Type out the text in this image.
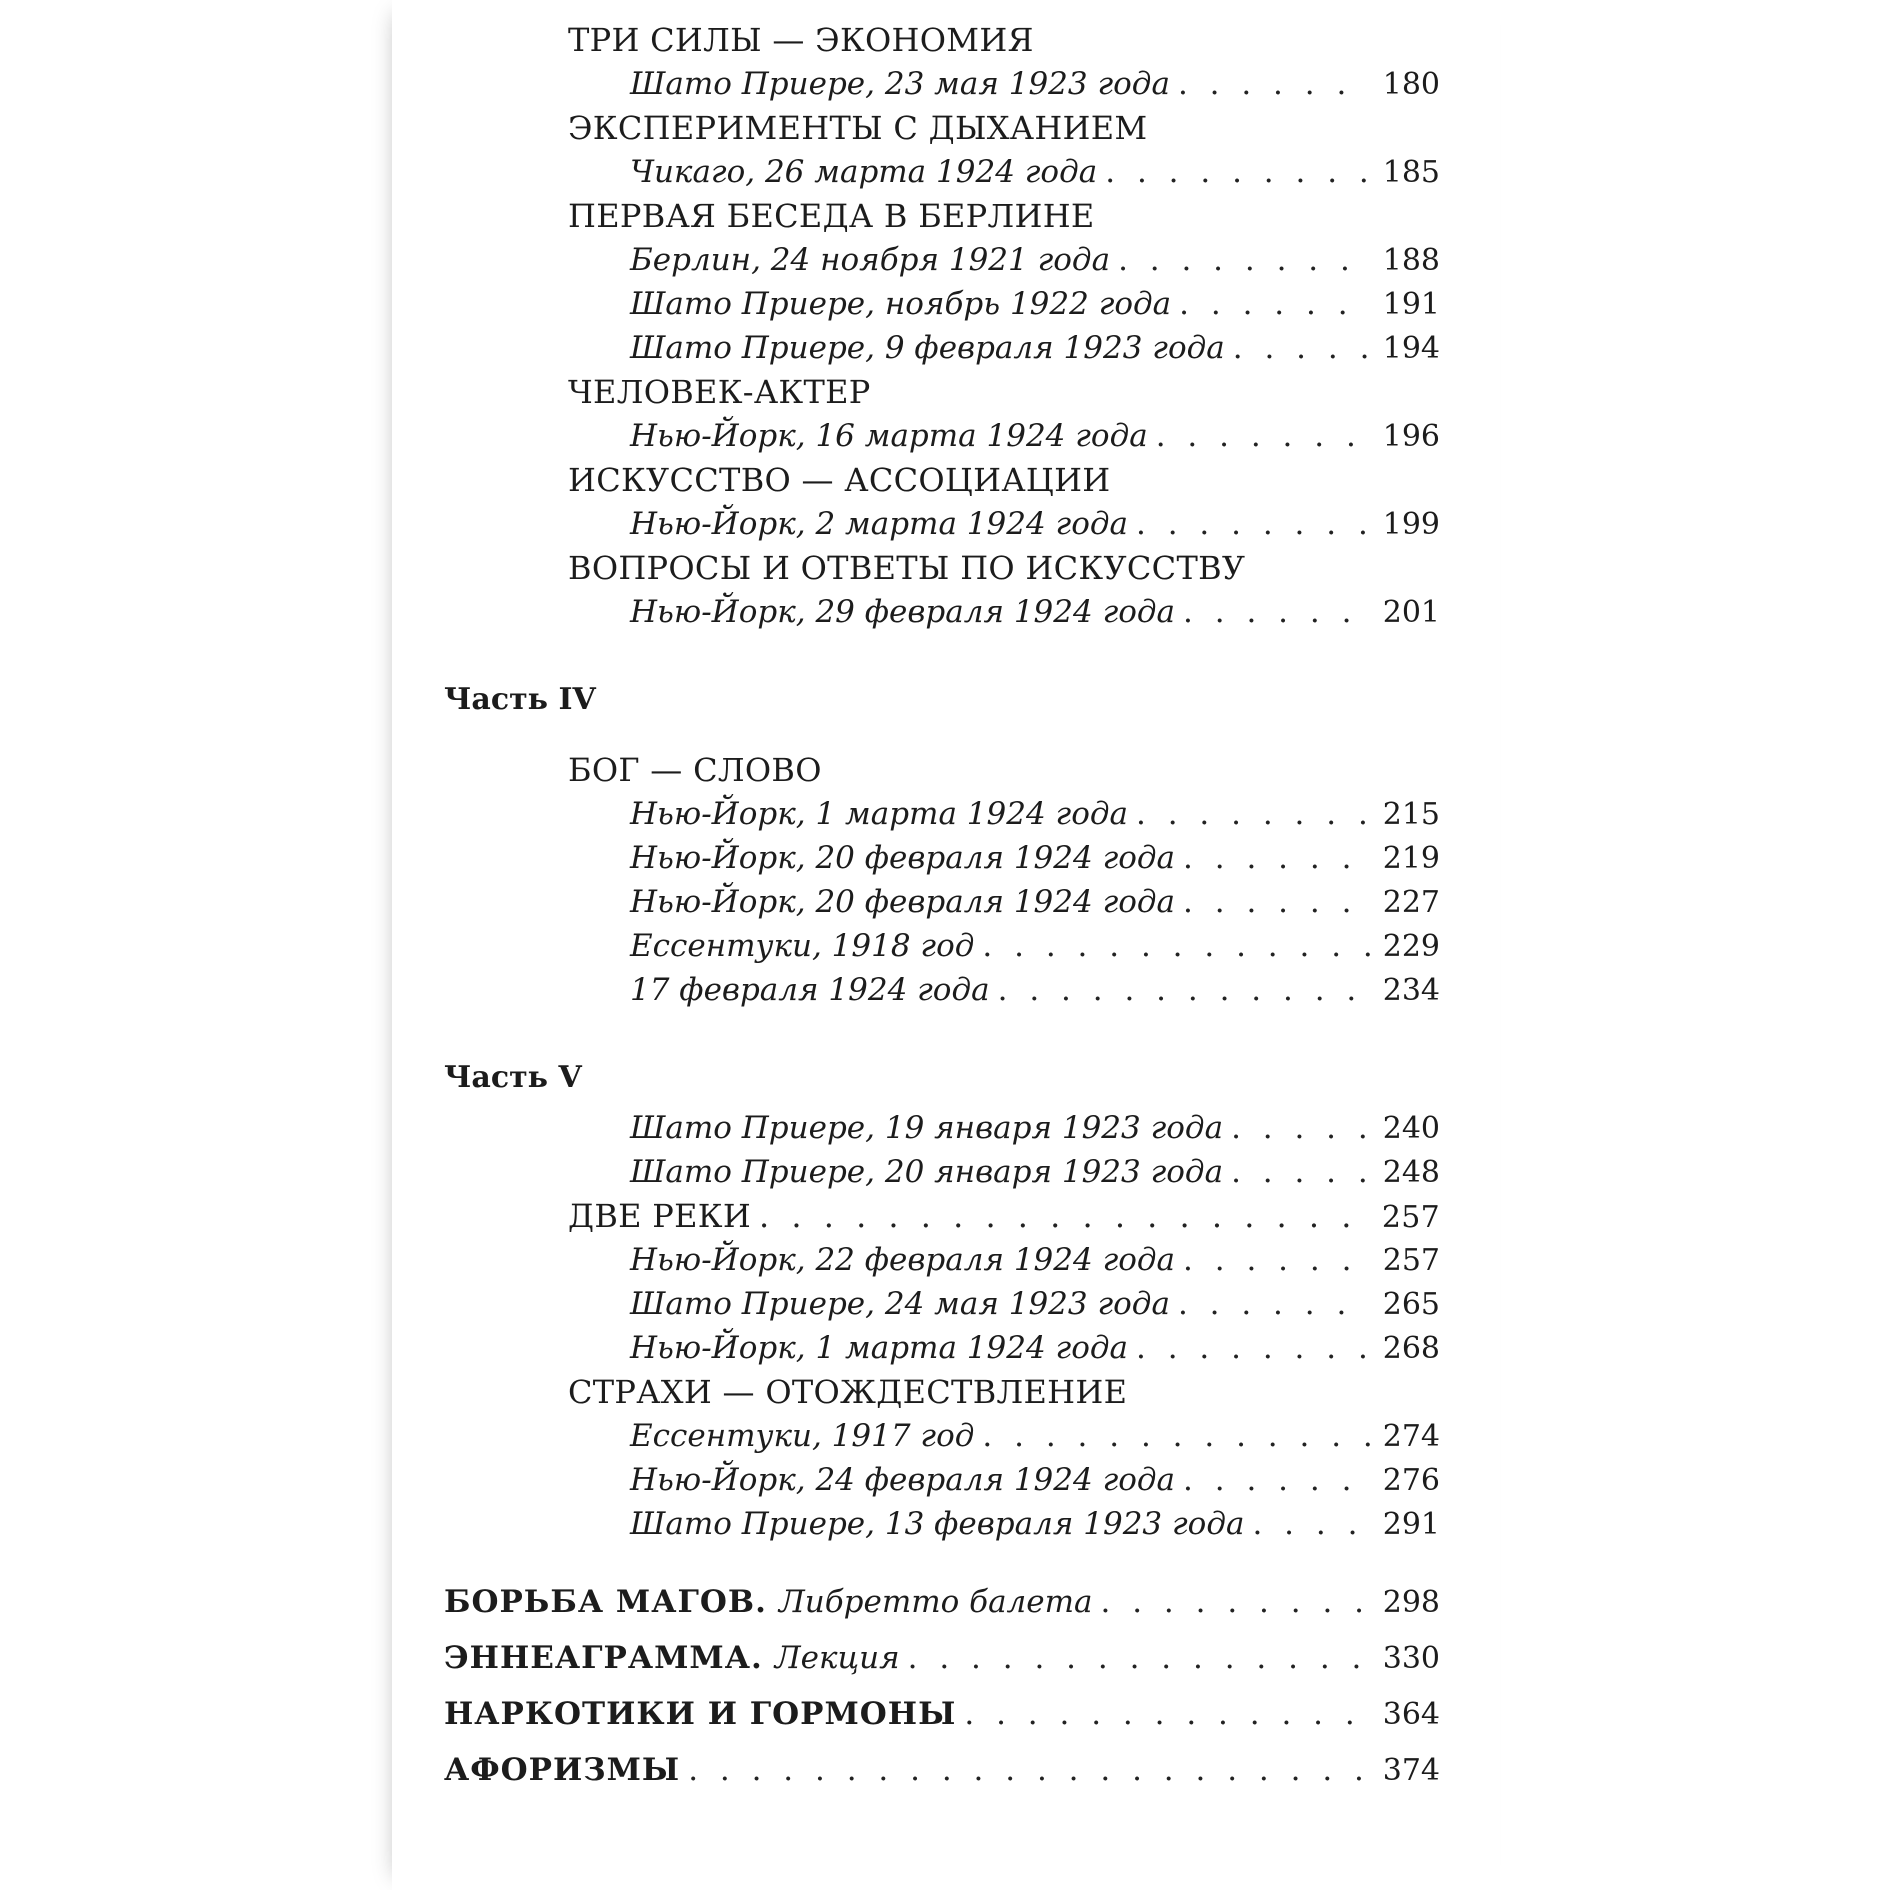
ТРИ СИЛЫ — ЭКОНОМИЯ
Шато Приере, 23 мая 1923 года . . .	180
ЭКСПЕРИМЕНТЫ С ДЫХАНИЕМ
Чикаго, 26 марта 1924 года . . .	185
ПЕРВАЯ БЕСЕДА В БЕРЛИНЕ
Берлин, 24 ноября 1921 года . . .	188
Шато Приере, ноябрь 1922 года . . .	191
Шато Приере, 9 февраля 1923 года . . .	194
ЧЕЛОВЕК-АКТЕР
Нью-Йорк, 16 марта 1924 года . . .	196
ИСКУССТВО — АССОЦИАЦИИ
Нью-Йорк, 2 марта 1924 года . . .	199
ВОПРОСЫ И ОТВЕТЫ ПО ИСКУССТВУ
Нью-Йорк, 29 февраля 1924 года . . .	201
Часть IV
БОГ — СЛОВО
Нью-Йорк, 1 марта 1924 года . . .	215
Нью-Йорк, 20 февраля 1924 года . . .	219
Нью-Йорк, 20 февраля 1924 года . . .	227
Ессентуки, 1918 год . . .	229
17 февраля 1924 года . . .	234
Часть V
Шато Приере, 19 января 1923 года . . .	240
Шато Приере, 20 января 1923 года . . .	248
ДВЕ РЕКИ . . .	257
Нью-Йорк, 22 февраля 1924 года . . .	257
Шато Приере, 24 мая 1923 года . . .	265
Нью-Йорк, 1 марта 1924 года . . .	268
СТРАХИ — ОТОЖДЕСТВЛЕНИЕ
Ессентуки, 1917 год . . .	274
Нью-Йорк, 24 февраля 1924 года . . .	276
Шато Приере, 13 февраля 1923 года . . .	291
БОРЬБА МАГОВ. Либретто балета . . .	298
ЭННЕАГРАММА. Лекция . . .	330
НАРКОТИКИ И ГОРМОНЫ . . .	364
АФОРИЗМЫ . . .	374
